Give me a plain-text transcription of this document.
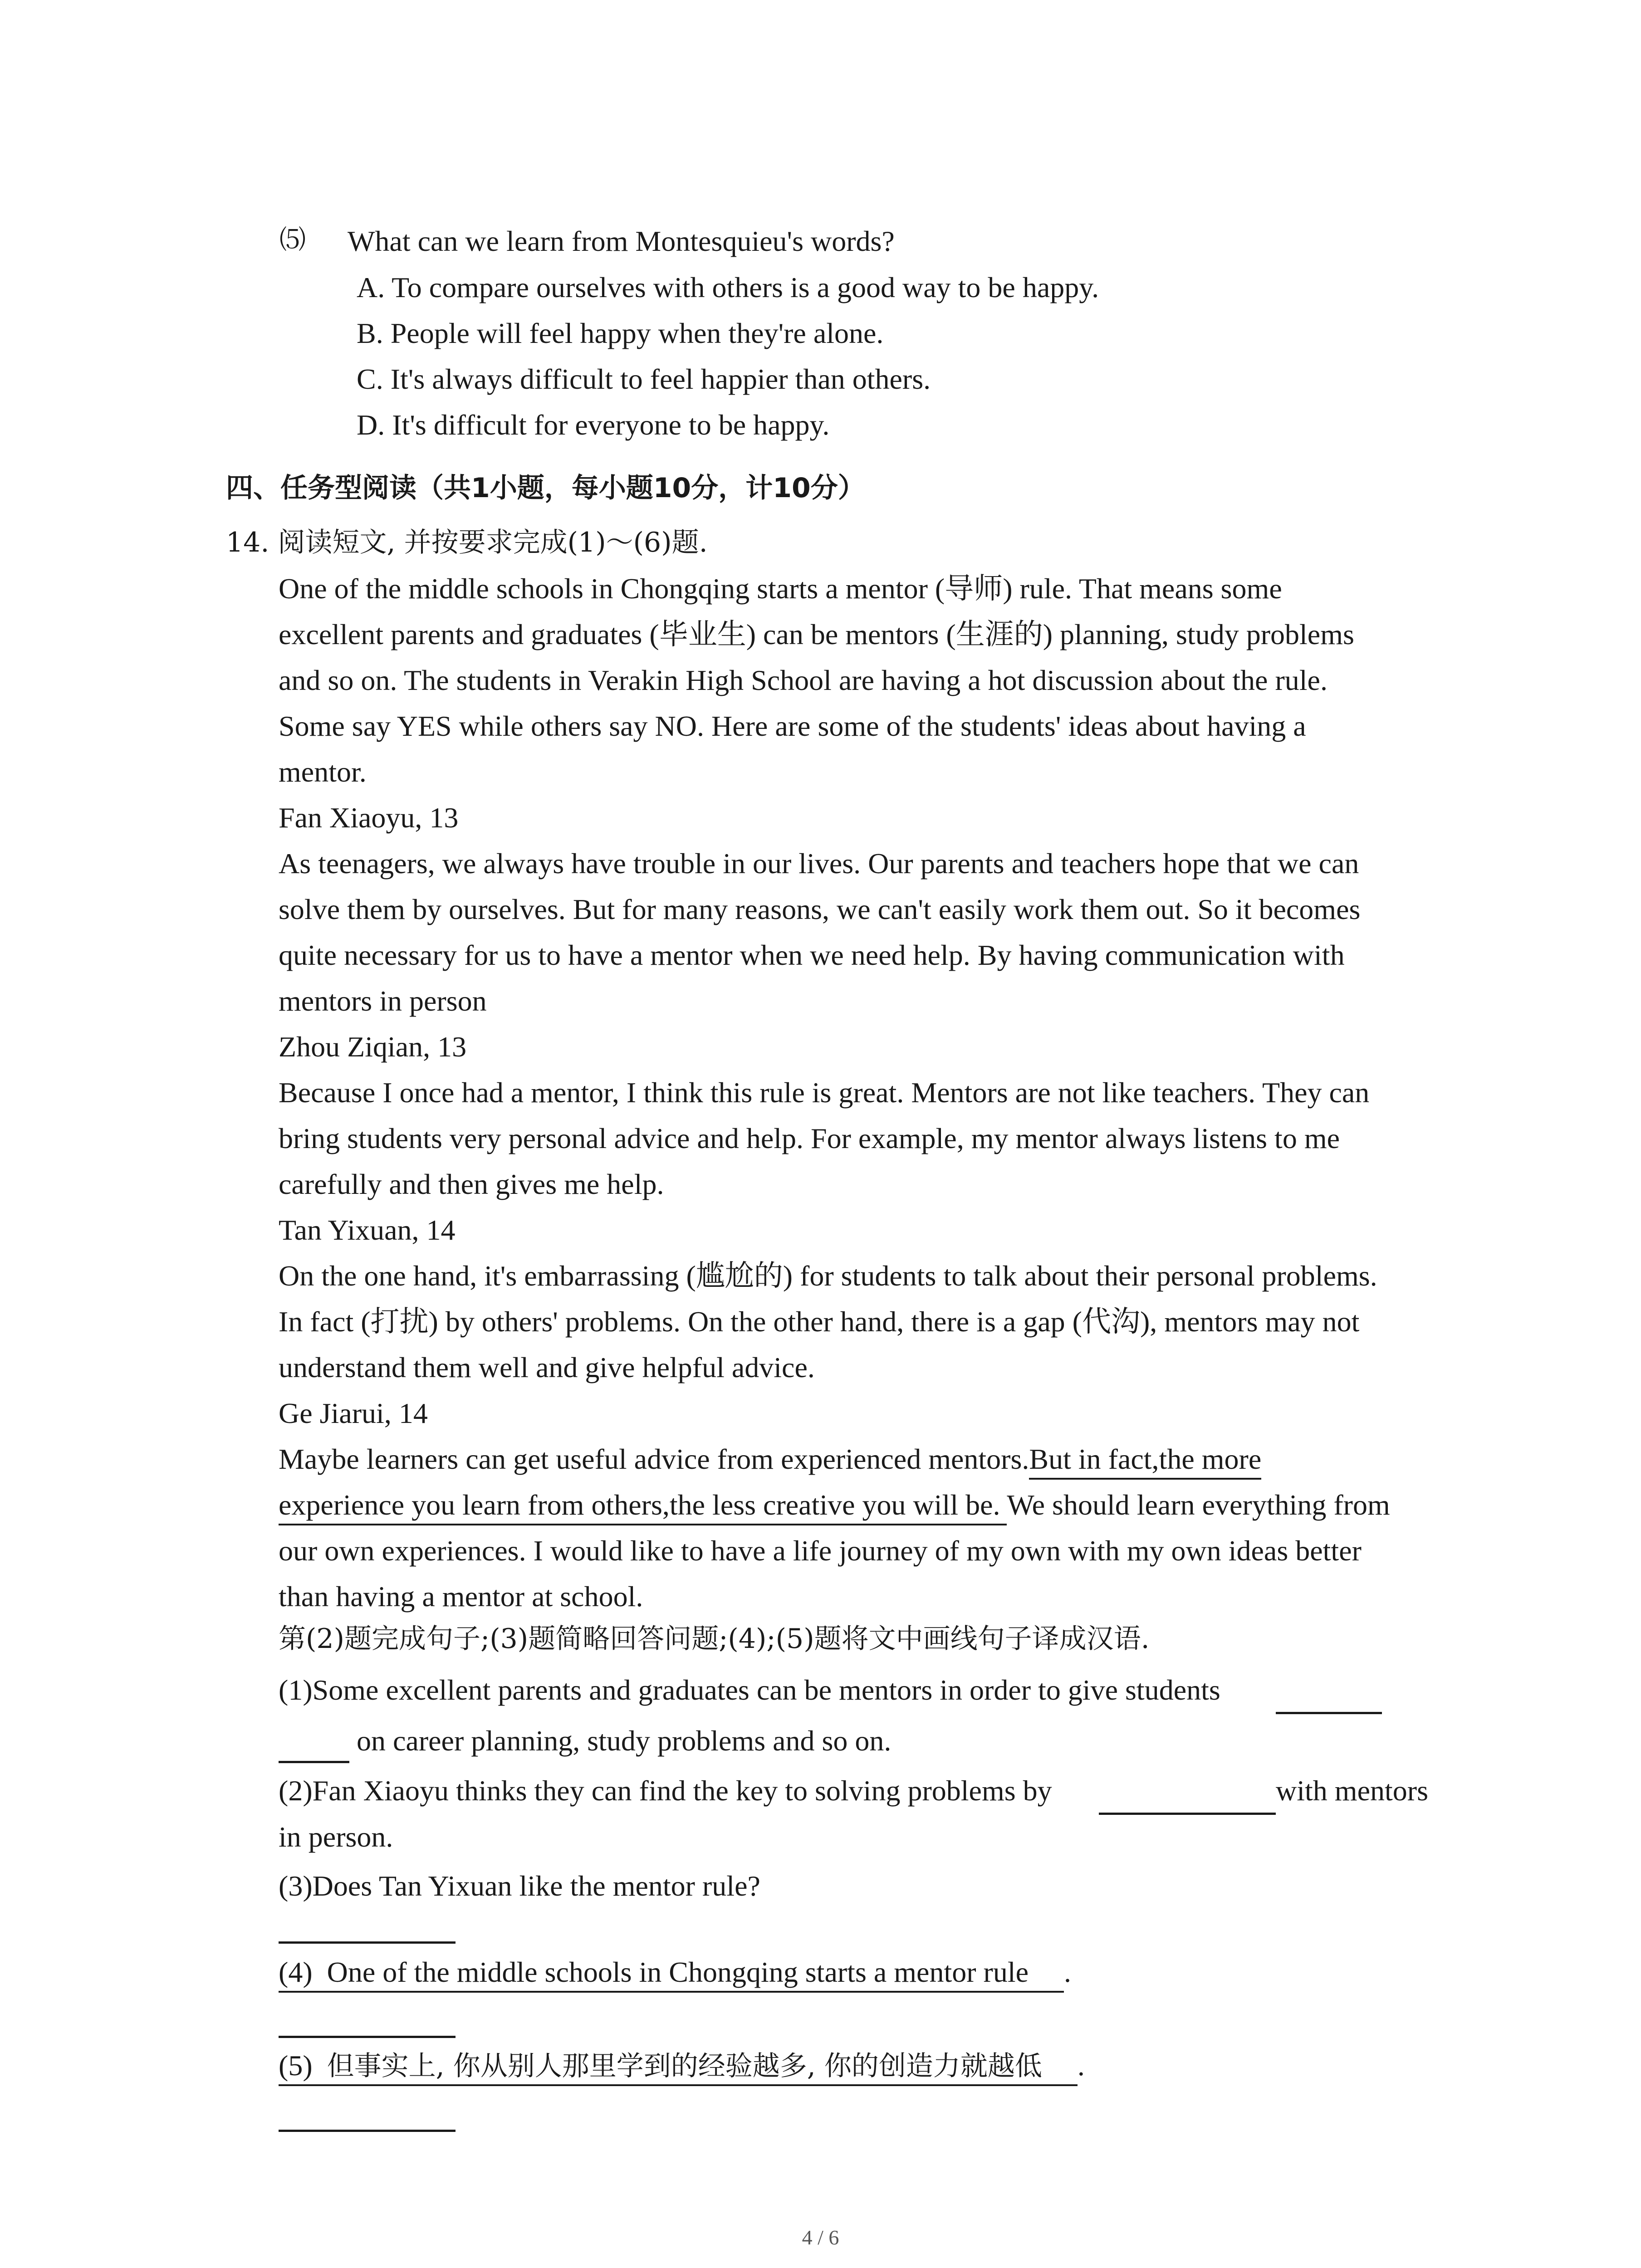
⑸ What can we learn from Montesquieu's words?
A. To compare ourselves with others is a good way to be happy.
B. People will feel happy when they're alone.
C. It's always difficult to feel happier than others.
D. It's difficult for everyone to be happy.
四、任务型阅读（共1小题，每小题10分，计10分）
14. 阅读短文, 并按要求完成(1)～(6)题.
One of the middle schools in Chongqing starts a mentor (导师) rule. That means some
excellent parents and graduates (毕业生) can be mentors (生涯的) planning, study problems
and so on. The students in Verakin High School are having a hot discussion about the rule.
Some say YES while others say NO. Here are some of the students' ideas about having a
mentor.
Fan Xiaoyu, 13
As teenagers, we always have trouble in our lives. Our parents and teachers hope that we can
solve them by ourselves. But for many reasons, we can't easily work them out. So it becomes
quite necessary for us to have a mentor when we need help. By having communication with
mentors in person
Zhou Ziqian, 13
Because I once had a mentor, I think this rule is great. Mentors are not like teachers. They can
bring students very personal advice and help. For example, my mentor always listens to me
carefully and then gives me help.
Tan Yixuan, 14
On the one hand, it's embarrassing (尴尬的) for students to talk about their personal problems.
In fact (打扰) by others' problems. On the other hand, there is a gap (代沟), mentors may not
understand them well and give helpful advice.
Ge Jiarui, 14
Maybe learners can get useful advice from experienced mentors.But in fact,the more
experience you learn from others,the less creative you will be. We should learn everything from
our own experiences. I would like to have a life journey of my own with my own ideas better
than having a mentor at school.
第(2)题完成句子;(3)题简略回答问题;(4);(5)题将文中画线句子译成汉语.
(1)Some excellent parents and graduates can be mentors in order to give students
on career planning, study problems and so on.
(2)Fan Xiaoyu thinks they can find the key to solving problems by	with mentors
in person.
(3)Does Tan Yixuan like the mentor rule?
(4) One of the middle schools in Chongqing starts a mentor rule .
(5) 但事实上, 你从别人那里学到的经验越多, 你的创造力就越低 .
4 / 6
